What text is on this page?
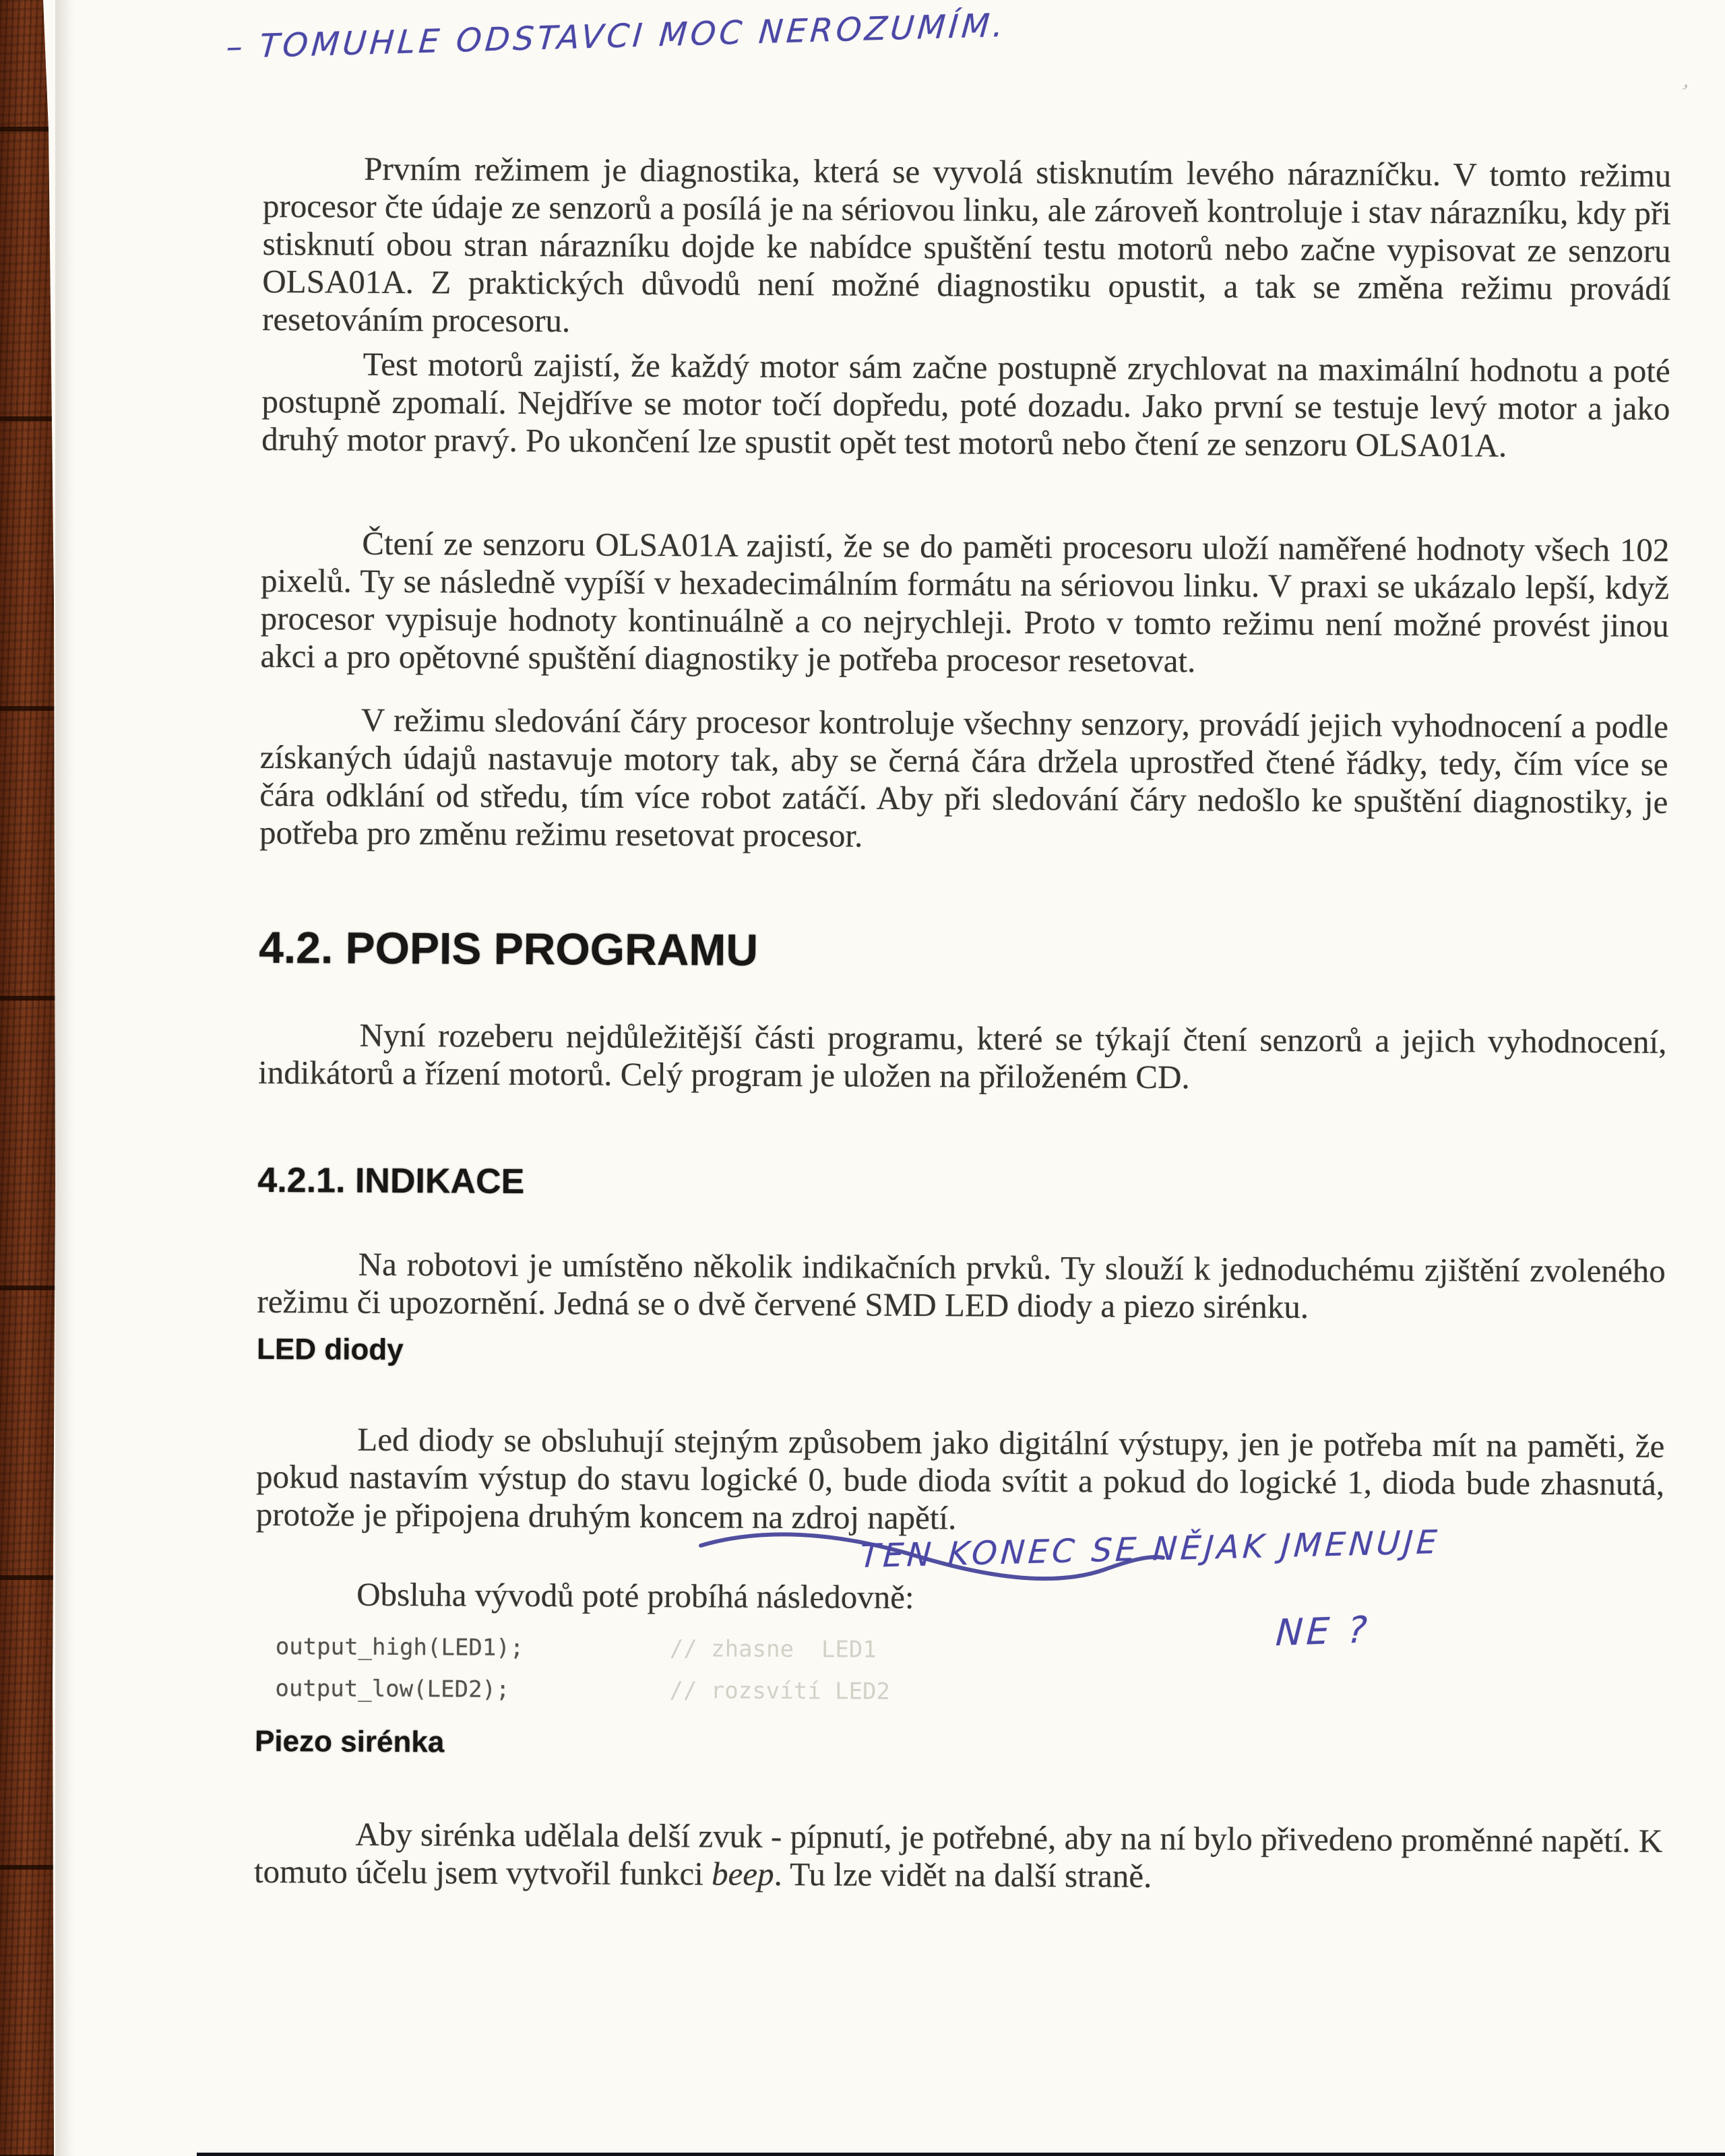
– TOMUHLE ODSTAVCI MOC NEROZUMÍM.

ʼ

Prvním režimem je diagnostika, která se vyvolá stisknutím levého nárazníčku. V tomto režimu procesor čte údaje ze senzorů a posílá je na sériovou linku, ale zároveň kontroluje i stav nárazníku, kdy při stisknutí obou stran nárazníku dojde ke nabídce spuštění testu motorů nebo začne vypisovat ze senzoru OLSA01A. Z praktických důvodů není možné diagnostiku opustit, a tak se změna režimu provádí resetováním procesoru.

Test motorů zajistí, že každý motor sám začne postupně zrychlovat na maximální hodnotu a poté postupně zpomalí. Nejdříve se motor točí dopředu, poté dozadu. Jako první se testuje levý motor a jako druhý motor pravý. Po ukončení lze spustit opět test motorů nebo čtení ze senzoru OLSA01A.

Čtení ze senzoru OLSA01A zajistí, že se do paměti procesoru uloží naměřené hodnoty všech 102 pixelů. Ty se následně vypíší v hexadecimálním formátu na sériovou linku. V praxi se ukázalo lepší, když procesor vypisuje hodnoty kontinuálně a co nejrychleji. Proto v tomto režimu není možné provést jinou akci a pro opětovné spuštění diagnostiky je potřeba procesor resetovat.

V režimu sledování čáry procesor kontroluje všechny senzory, provádí jejich vyhodnocení a podle získaných údajů nastavuje motory tak, aby se černá čára držela uprostřed čtené řádky, tedy, čím více se čára odklání od středu, tím více robot zatáčí. Aby při sledování čáry nedošlo ke spuštění diagnostiky, je potřeba pro změnu režimu resetovat procesor.

4.2. POPIS PROGRAMU

Nyní rozeberu nejdůležitější části programu, které se týkají čtení senzorů a jejich vyhodnocení, indikátorů a řízení motorů. Celý program je uložen na přiloženém CD.

4.2.1. INDIKACE

Na robotovi je umístěno několik indikačních prvků. Ty slouží k jednoduchému zjištění zvoleného režimu či upozornění. Jedná se o dvě červené SMD LED diody a piezo sirénku.

LED diody

Led diody se obsluhují stejným způsobem jako digitální výstupy, jen je potřeba mít na paměti, že pokud nastavím výstup do stavu logické 0, bude dioda svítit a pokud do logické 1, dioda bude zhasnutá, protože je připojena druhým koncem na zdroj napětí.

Obsluha vývodů poté probíhá následovně:

output_high(LED1);	// zhasne  LED1

output_low(LED2);	// rozsvítí LED2

Piezo sirénka

Aby sirénka udělala delší zvuk - pípnutí, je potřebné, aby na ní bylo přivedeno proměnné napětí. K tomuto účelu jsem vytvořil funkci beep. Tu lze vidět na další straně.

TEN KONEC SE NĚJAK JMENUJE

NE ?
